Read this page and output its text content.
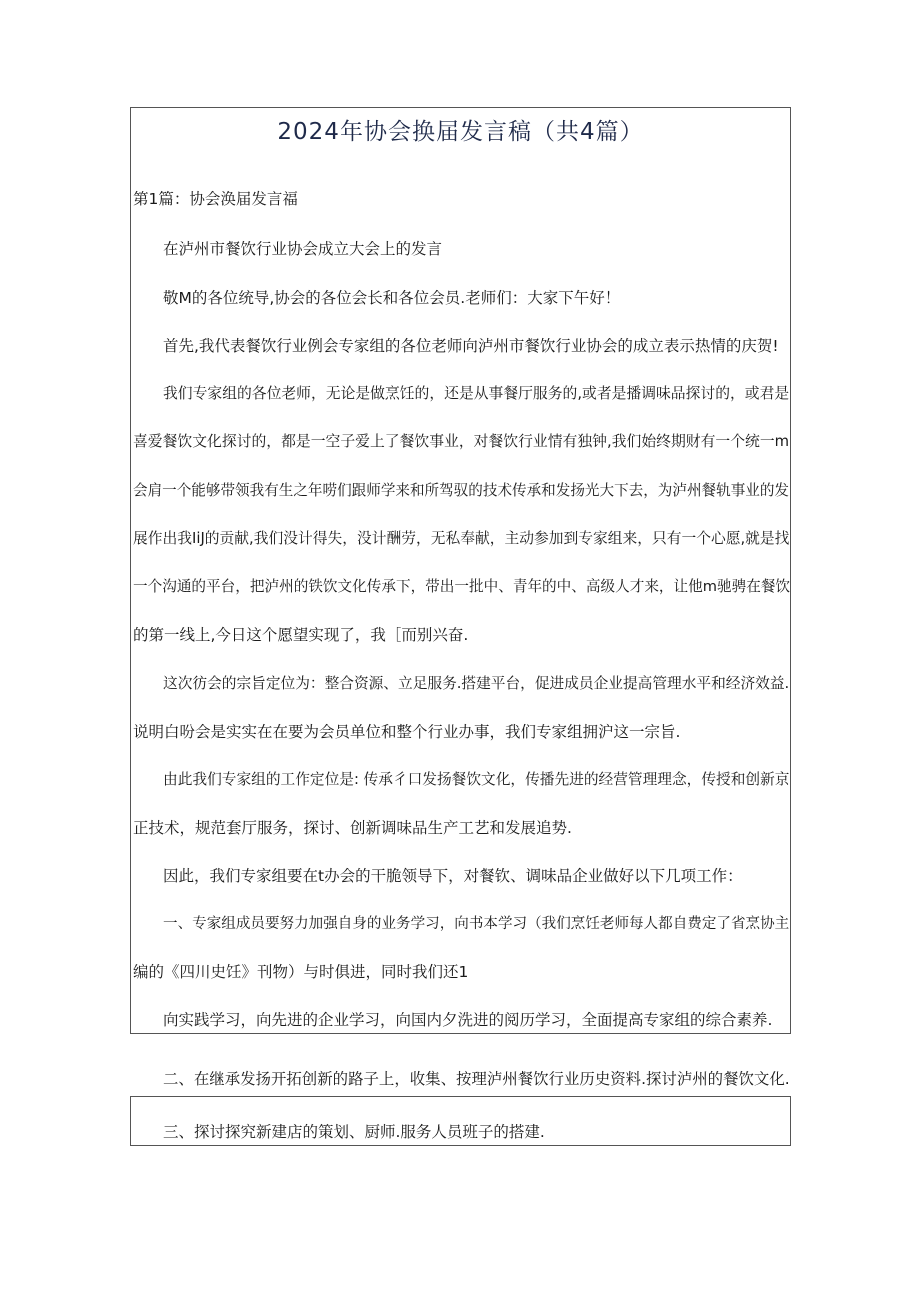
2024年协会换届发言稿（共4篇）
第1篇：协会涣届发言福
在泸州市餐饮行业协会成立大会上的发言
敬M的各位统导,协会的各位会长和各位会员.老师们：大家下午好！
首先,我代表餐饮行业例会专家组的各位老师向泸州市餐饮行业协会的成立表示热情的庆贺!
我们专家组的各位老师，无论是做烹饪的，还是从事餐厅服务的,或者是播调味品探讨的，或君是
喜爱餐饮文化探讨的，都是一空子爱上了餐饮事业，对餐饮行业情有独钟,我们始终期财有一个统一m
会肩一个能够带领我有生之年唠们跟师学来和所驾驭的技术传承和发扬光大下去，为泸州餐轨事业的发
展作出我IiJ的贡献,我们没计得失，没计酬劳，无私奉献，主动参加到专家组来，只有一个心愿,就是找
一个沟通的平台，把泸州的铁饮文化传承下，带出一批中、青年的中、高级人才来，让他m驰骋在餐饮
的第一线上,今日这个愿望实现了，我［而别兴奋.
这次彷会的宗旨定位为：整合资源、立足服务.搭建平台，促进成员企业提高管理水平和经济效益.
说明白吩会是实实在在要为会员单位和整个行业办事，我们专家组拥沪这一宗旨.
由此我们专家组的工作定位是: 传承彳口发扬餐饮文化，传播先进的经营管理理念，传授和创新京
正技术，规范套厅服务，探讨、创新调味品生产工艺和发展追势.
因此，我们专家组要在t办会的干脆领导下，对餐钦、调味品企业做好以下几项工作：
一、专家组成员要努力加强自身的业务学习，向书本学习（我们烹饪老师每人都自费定了省烹协主
编的《四川史饪》刊物）与时俱进，同时我们还1
向实践学习，向先进的企业学习，向国内夕洗进的阅历学习，全面提高专家组的综合素养.
二、在继承发扬开拓创新的路子上，收集、按理泸州餐饮行业历史资料.探讨泸州的餐饮文化.
三、探讨探究新建店的策划、厨师.服务人员班子的搭建.
